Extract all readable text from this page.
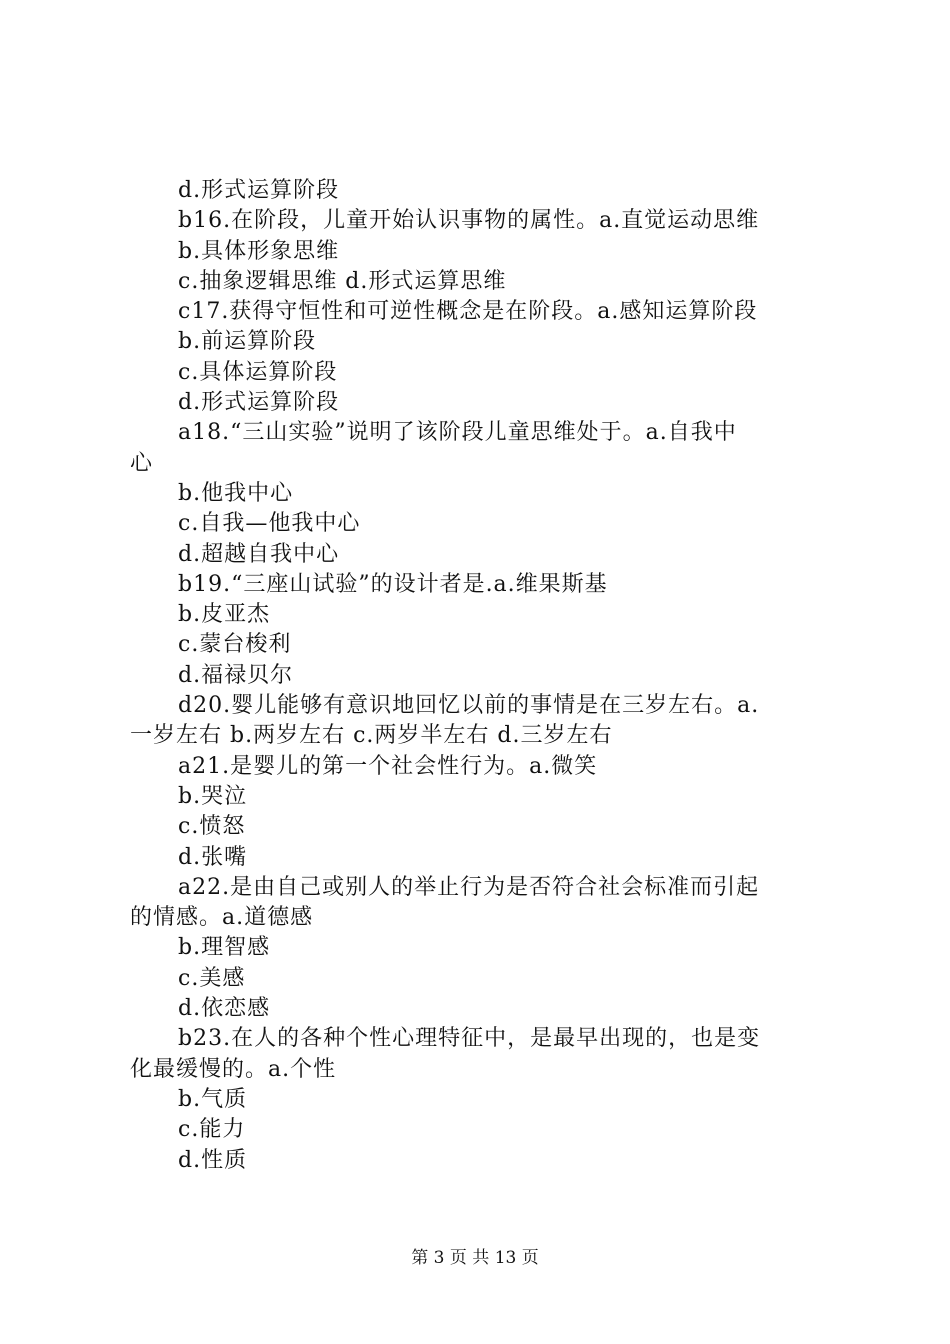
d.形式运算阶段
b16.在阶段，儿童开始认识事物的属性。a.直觉运动思维
b.具体形象思维
c.抽象逻辑思维 d.形式运算思维
c17.获得守恒性和可逆性概念是在阶段。a.感知运算阶段
b.前运算阶段
c.具体运算阶段
d.形式运算阶段
a18.“三山实验”说明了该阶段儿童思维处于。a.自我中
心
b.他我中心
c.自我—他我中心
d.超越自我中心
b19.“三座山试验”的设计者是.a.维果斯基
b.皮亚杰
c.蒙台梭利
d.福禄贝尔
d20.婴儿能够有意识地回忆以前的事情是在三岁左右。a.
一岁左右 b.两岁左右 c.两岁半左右 d.三岁左右
a21.是婴儿的第一个社会性行为。a.微笑
b.哭泣
c.愤怒
d.张嘴
a22.是由自己或别人的举止行为是否符合社会标准而引起
的情感。a.道德感
b.理智感
c.美感
d.依恋感
b23.在人的各种个性心理特征中，是最早出现的，也是变
化最缓慢的。a.个性
b.气质
c.能力
d.性质
第 3 页 共 13 页
